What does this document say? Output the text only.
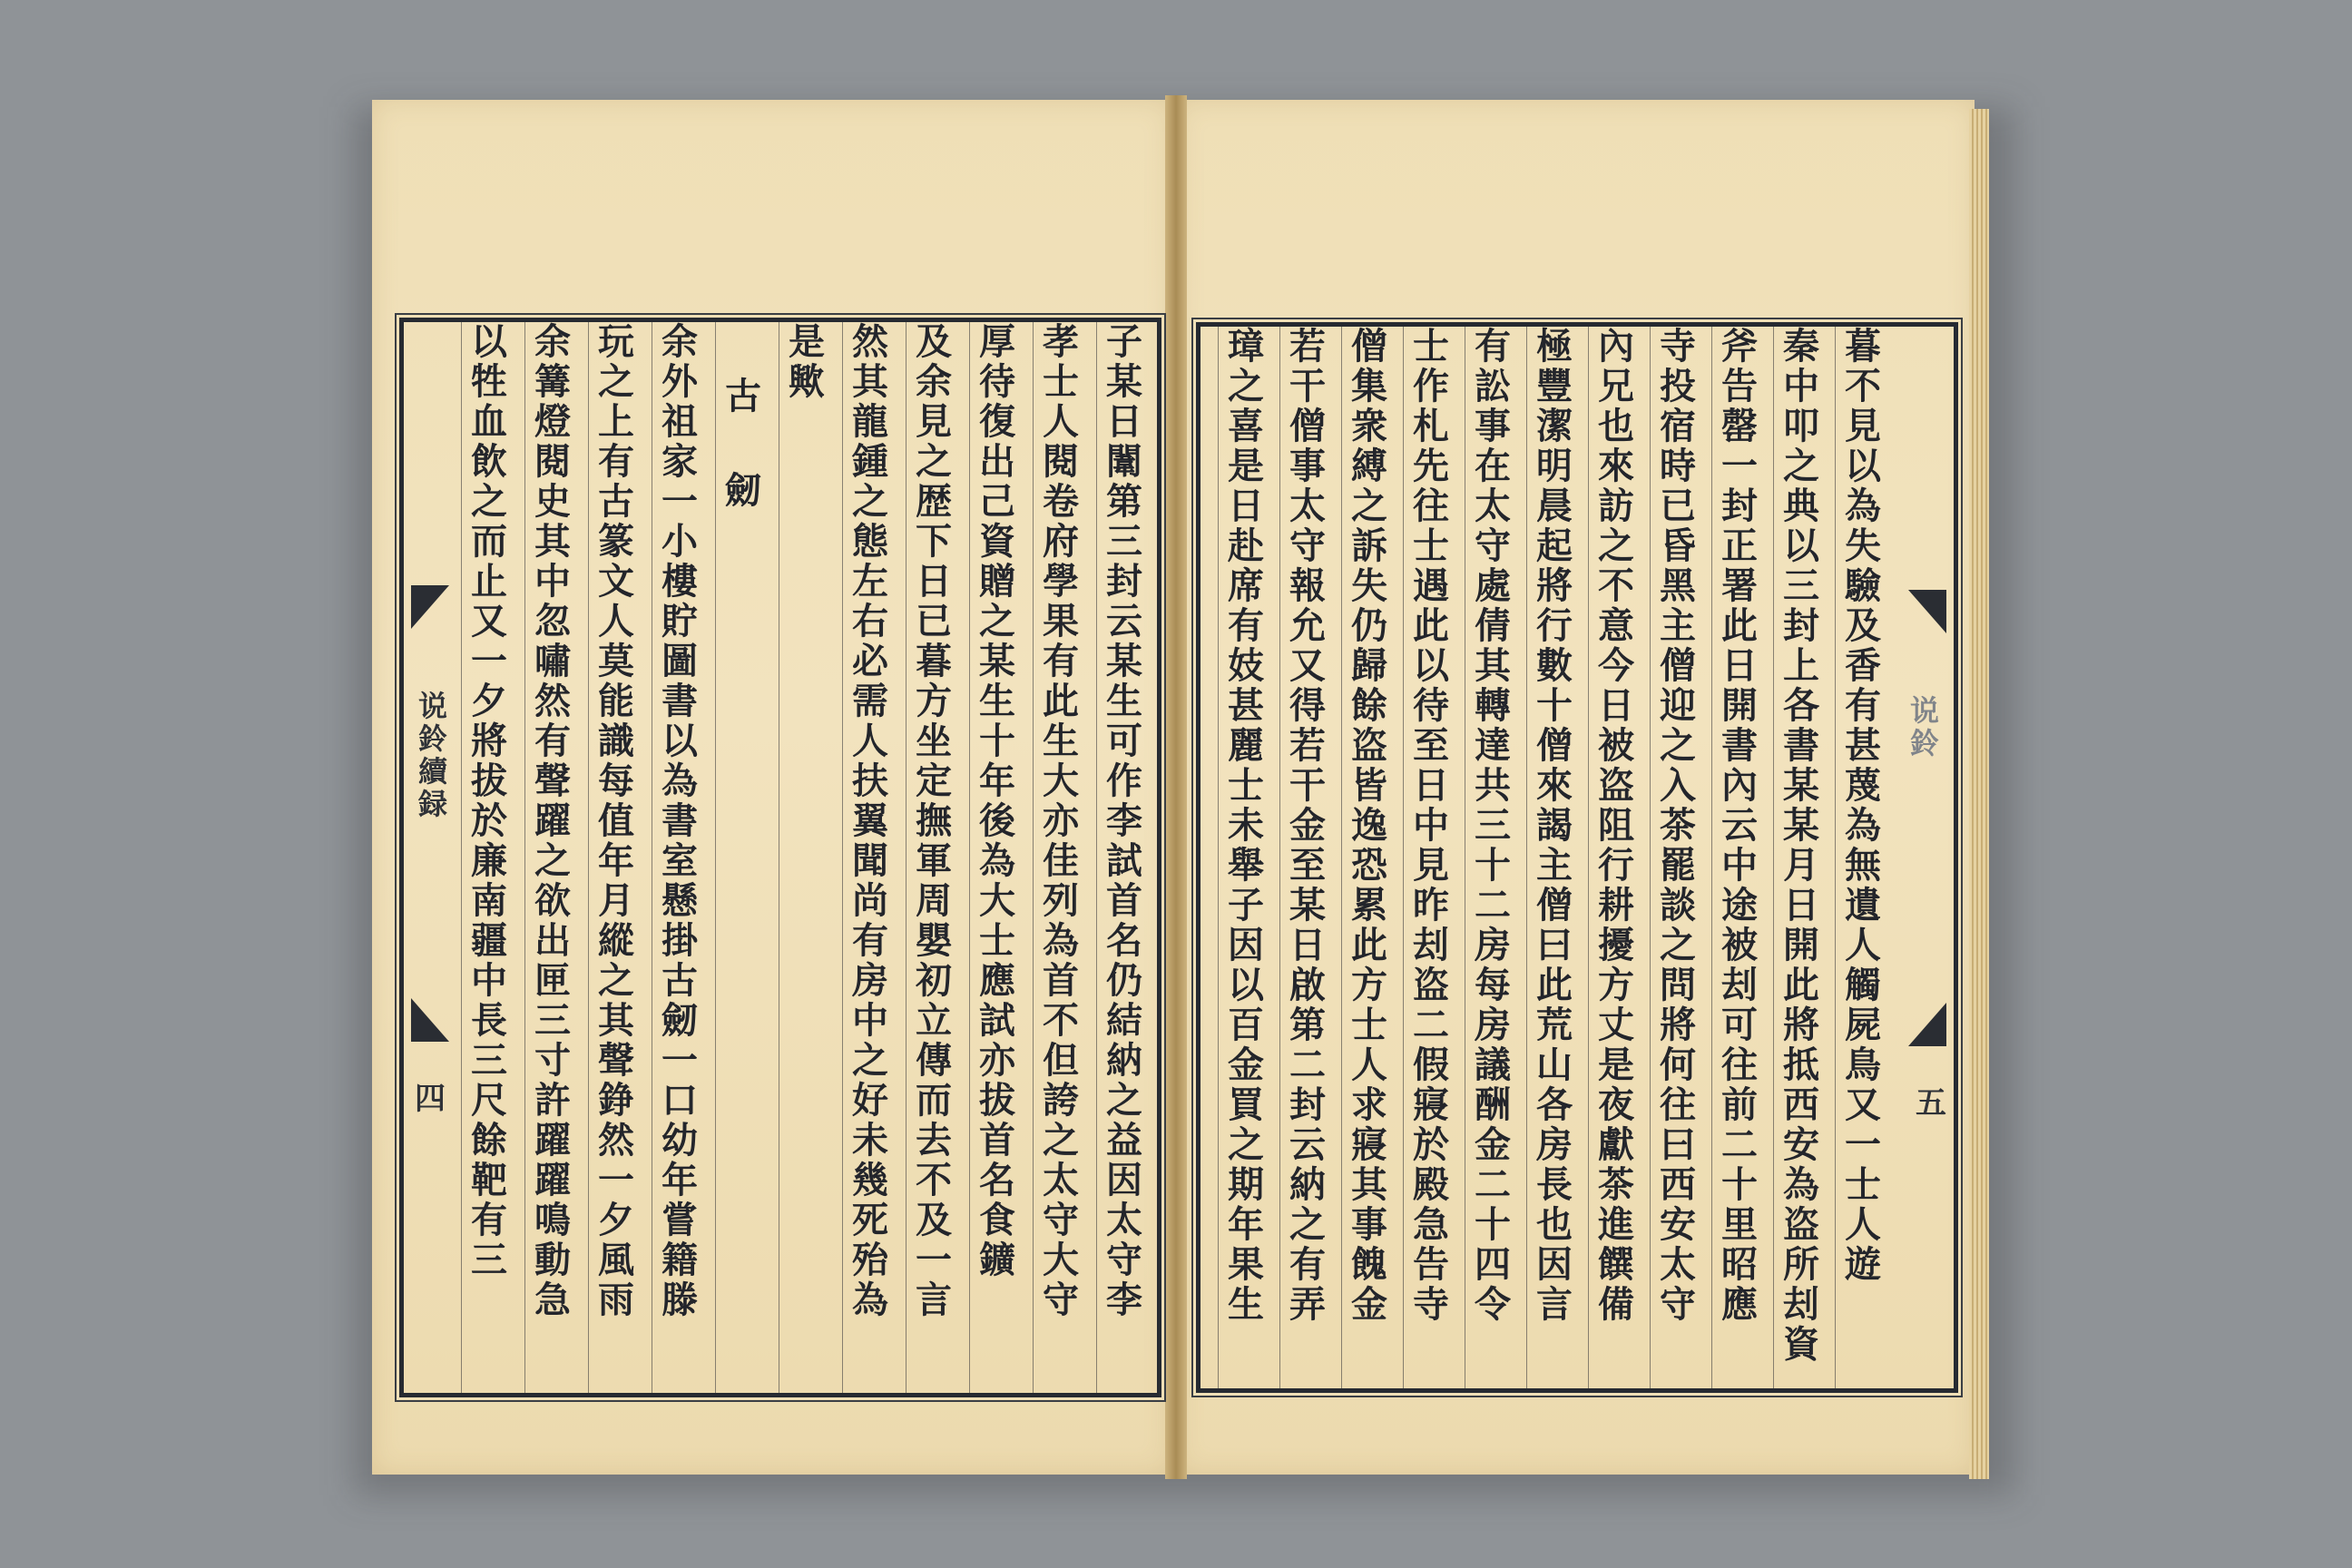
说
鈴
續
録
四
子
某
日
闈
第
三
封
云
某
生
可
作
李
試
首
名
仍
結
納
之
益
因
太
守
李
孝
士
人
閱
卷
府
學
果
有
此
生
大
亦
佳
列
為
首
不
但
誇
之
太
守
大
守
厚
待
復
出
己
資
贈
之
某
生
十
年
後
為
大
士
應
試
亦
拔
首
名
食
鑛
及
余
見
之
歴
下
日
已
暮
方
坐
定
撫
軍
周
嬰
初
立
傳
而
去
不
及
一
言
然
其
龍
鍾
之
態
左
右
必
需
人
扶
翼
聞
尚
有
房
中
之
好
未
幾
死
殆
為
是
歟
古
劒
余
外
祖
家
一
小
樓
貯
圖
書
以
為
書
室
懸
掛
古
劒
一
口
幼
年
嘗
籍
滕
玩
之
上
有
古
篆
文
人
莫
能
識
每
值
年
月
縱
之
其
聲
錚
然
一
夕
風
雨
余
篝
燈
閱
史
其
中
忽
嘯
然
有
聲
躍
之
欲
出
匣
三
寸
許
躍
躍
鳴
動
急
以
牲
血
飲
之
而
止
又
一
夕
將
拔
於
廉
南
疆
中
長
三
尺
餘
靶
有
三
说
鈴
五
暮
不
見
以
為
失
驗
及
香
有
甚
蔑
為
無
遺
人
觸
屍
鳥
又
一
士
人
遊
秦
中
叩
之
典
以
三
封
上
各
書
某
某
月
日
開
此
將
抵
西
安
為
盗
所
刦
資
斧
告
罄
一
封
正
署
此
日
開
書
內
云
中
途
被
刦
可
往
前
二
十
里
昭
應
寺
投
宿
時
已
昏
黑
主
僧
迎
之
入
茶
罷
談
之
問
將
何
往
曰
西
安
太
守
內
兄
也
來
訪
之
不
意
今
日
被
盗
阻
行
耕
擾
方
丈
是
夜
獻
茶
進
饌
備
極
豐
潔
明
晨
起
將
行
數
十
僧
來
謁
主
僧
曰
此
荒
山
各
房
長
也
因
言
有
訟
事
在
太
守
處
倩
其
轉
達
共
三
十
二
房
每
房
議
酬
金
二
十
四
令
士
作
札
先
往
士
遇
此
以
待
至
日
中
見
昨
刦
盗
二
假
寢
於
殿
急
告
寺
僧
集
衆
縛
之
訴
失
仍
歸
餘
盗
皆
逸
恐
累
此
方
士
人
求
寢
其
事
餽
金
若
干
僧
事
太
守
報
允
又
得
若
干
金
至
某
日
啟
第
二
封
云
納
之
有
弄
璋
之
喜
是
日
赴
席
有
妓
甚
麗
士
未
舉
子
因
以
百
金
買
之
期
年
果
生
